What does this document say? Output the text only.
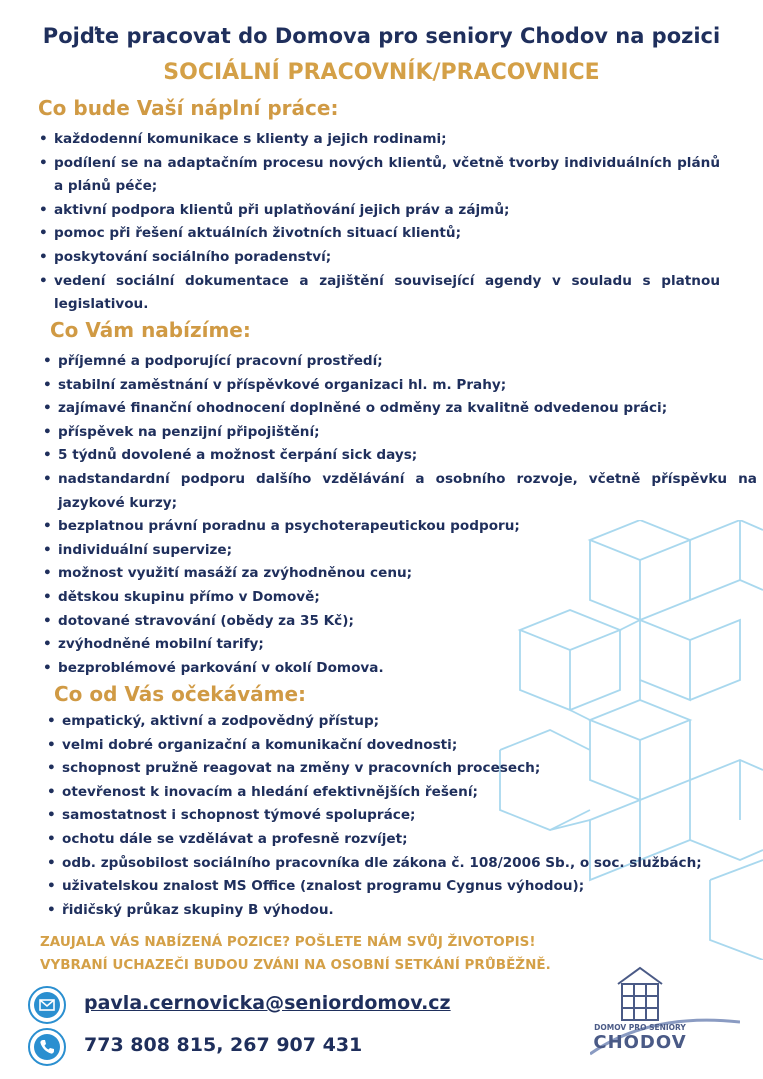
Pojďte pracovat do Domova pro seniory Chodov na pozici
SOCIÁLNÍ PRACOVNÍK/PRACOVNICE
Co bude Vaší náplní práce:
• každodenní komunikace s klienty a jejich rodinami;
• podílení se na adaptačním procesu nových klientů, včetně tvorby individuálních plánů a plánů péče;
• aktivní podpora klientů při uplatňování jejich práv a zájmů;
• pomoc při řešení aktuálních životních situací klientů;
• poskytování sociálního poradenství;
• vedení sociální dokumentace a zajištění související agendy v souladu s platnou legislativou.
Co Vám nabízíme:
• příjemné a podporující pracovní prostředí;
• stabilní zaměstnání v příspěvkové organizaci hl. m. Prahy;
• zajímavé finanční ohodnocení doplněné o odměny za kvalitně odvedenou práci;
• příspěvek na penzijní připojištění;
• 5 týdnů dovolené a možnost čerpání sick days;
• nadstandardní podporu dalšího vzdělávání a osobního rozvoje, včetně příspěvku na jazykové kurzy;
• bezplatnou právní poradnu a psychoterapeutickou podporu;
• individuální supervize;
• možnost využití masáží za zvýhodněnou cenu;
• dětskou skupinu přímo v Domově;
• dotované stravování (obědy za 35 Kč);
• zvýhodněné mobilní tarify;
• bezproblémové parkování v okolí Domova.
Co od Vás očekáváme:
• empatický, aktivní a zodpovědný přístup;
• velmi dobré organizační a komunikační dovednosti;
• schopnost pružně reagovat na změny v pracovních procesech;
• otevřenost k inovacím a hledání efektivnějších řešení;
• samostatnost i schopnost týmové spolupráce;
• ochotu dále se vzdělávat a profesně rozvíjet;
• odb. způsobilost sociálního pracovníka dle zákona č. 108/2006 Sb., o soc. službách;
• uživatelskou znalost MS Office (znalost programu Cygnus výhodou);
• řidičský průkaz skupiny B výhodou.
ZAUJALA VÁS NABÍZENÁ POZICE? POŠLETE NÁM SVŮJ ŽIVOTOPIS!
VYBRANÍ UCHAZEČI BUDOU ZVÁNI NA OSOBNÍ SETKÁNÍ PRŮBĚŽNĚ.
pavla.cernovicka@seniordomov.cz
773 808 815, 267 907 431
DOMOV PRO SENIORY
CHODOV
